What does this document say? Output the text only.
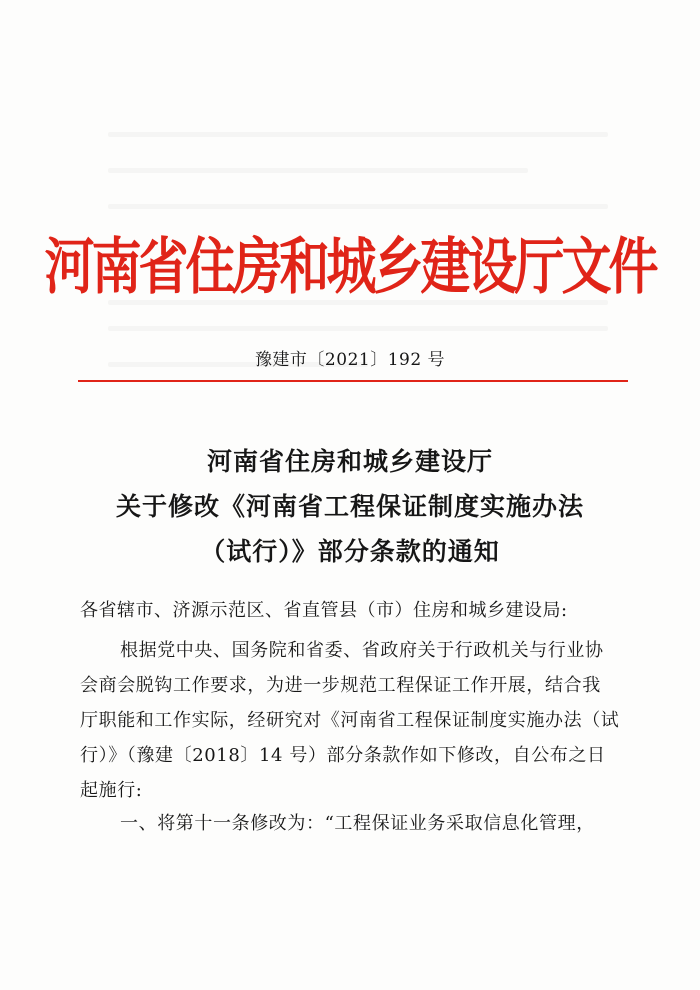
河南省住房和城乡建设厅文件
豫建市〔2021〕192 号
河南省住房和城乡建设厅
关于修改《河南省工程保证制度实施办法
（试行）》部分条款的通知
各省辖市、济源示范区、省直管县（市）住房和城乡建设局:
根据党中央、国务院和省委、省政府关于行政机关与行业协
会商会脱钩工作要求，为进一步规范工程保证工作开展，结合我
厅职能和工作实际，经研究对《河南省工程保证制度实施办法（试
行）》（豫建〔2018〕14 号）部分条款作如下修改，自公布之日
起施行:
一、将第十一条修改为：“工程保证业务采取信息化管理，
